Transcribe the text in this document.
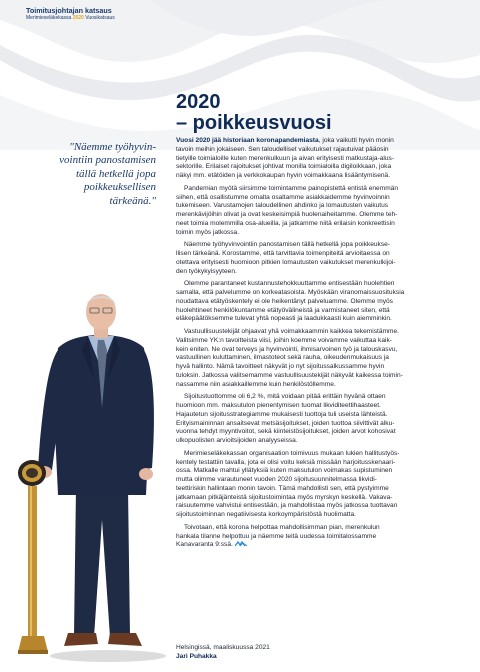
Toimitusjohtajan katsaus
Merimieseläkekassa 2020 Vuosikatsaus
2020
– poikkeusvuosi
"Näemme työhyvin-
vointiin panostamisen
tällä hetkellä jopa
poikkeuksellisen
tärkeänä."

Vuosi 2020 jää historiaan koronapandemiasta, joka vaikutti hyvin monin
tavoin meihin jokaiseen. Sen taloudelliset vaikutukset rajautuivat pääosin
tietyille toimialoille kuten merenkulkuun ja aivan erityisesti matkustaja-alus-
sektorille. Erilaiset rajoitukset johtivat monilla toimialoilla digiloikkaan, joka
näkyi mm. etätöiden ja verkkokaupan hyvin voimakkaana lisääntymisenä.

Pandemian myötä siirsimme toimintamme painopistettä entistä enemmän
siihen, että osallistumme omalta osaltamme asiakkaidemme hyvinvoinnin
tukemiseen. Varustamojen taloudellinen ahdinko ja lomautusten vaikutus
merenkävijöihin olivat ja ovat keskeisimpiä huolenaiheitamme. Olemme teh-
neet toimia molemmilla osa-alueilla, ja jatkamme niitä erilaisin konkreettisin
toimin myös jatkossa.

Näemme työhyvinvointiin panostamisen tällä hetkellä jopa poikkeukse-
llisen tärkeänä. Korostamme, että tarvittavia toimenpiteitä arvioitaessa on
otettava erityisesti huomioon pitkien lomautusten vaikutukset merenkulkijoi-
den työkykyisyyteen.

Olemme parantaneet kustannustehokkuuttamme entisestään huolehtien
samalla, että palvelumme on korkeatasoista. Myöskään viranomaissuosituksia
noudattava etätyöskentely ei ole heikentänyt palveluamme. Olemme myös
huolehtineet henkilökuntamme etätyövälineistä ja varmistaneet siten, että
eläkepäätöksemme tulevat yhtä nopeasti ja laadukkaasti kuin aiemminkin.

Vastuullisuustekijät ohjaavat yhä voimakkaammin kaikkea tekemistämme.
Valitsimme YK:n tavoitteista viisi, joihin koemme voivamme vaikuttaa kaik-
kein eniten. Ne ovat terveys ja hyvinvointi, ihmisarvoinen työ ja talouskasvu,
vastuullinen kuluttaminen, ilmastoteot sekä rauha, oikeudenmukaisuus ja
hyvä hallinto. Nämä tavoitteet näkyvät jo nyt sijoitussalkussamme hyvin
tuloksin. Jatkossa valitsemamme vastuullisuustekijät näkyvät kaikessa toimin-
nassamme niin asiakkaillemme kuin henkilöstöllemme.

Sijoitustuottomme oli 6,2 %, mitä voidaan pitää erittäin hyvänä ottaen
huomioon mm. maksutulon pienentymisen tuomat likviditeettihaasteet.
Hajautetun sijoitusstrategiamme mukaisesti tuottoja tuli useista lähteistä.
Erityismaininnan ansaitsevat metsäsijoitukset, joiden tuottoa siivittivät alku-
vuonna tehdyt myyntivoitot, sekä kiinteistösijoitukset, joiden arvot kohosivat
ulkopuolisten arvioitsijoiden analyyseissa.

Merimieseläkekassan organisaation toimivuus mukaan lukien hallitustyös-
kentely testattiin tavalla, jota ei olisi voitu keksiä missään harjoitusskenaari-
ossa. Matkalle mahtui yllätyksiä kuten maksutulon voimakas supistuminen
mutta olimme varautuneet vuoden 2020 sijoitusuunnitelmassa likvidi-
teettiriskin hallintaan monin tavoin. Tämä mahdollisti sen, että pystyimme
jatkamaan pitkäjänteistä sijoitustoimintaa myös myrskyn keskellä. Vakava-
raisuutemme vahvistui entisestään, ja mahdollistaa myös jatkossa tuottavan
sijoitustoiminnan negatiivisesta korkoympäristöstä huolimatta.

Toivotaan, että korona helpottaa mahdollisimman pian, merenkulun
hankala tilanne helpottuu ja näemme teitä uudessa toimitalossamme
Kanavaranta 9:ssä.

Helsingissä, maaliskuussa 2021
Jari Puhakka
